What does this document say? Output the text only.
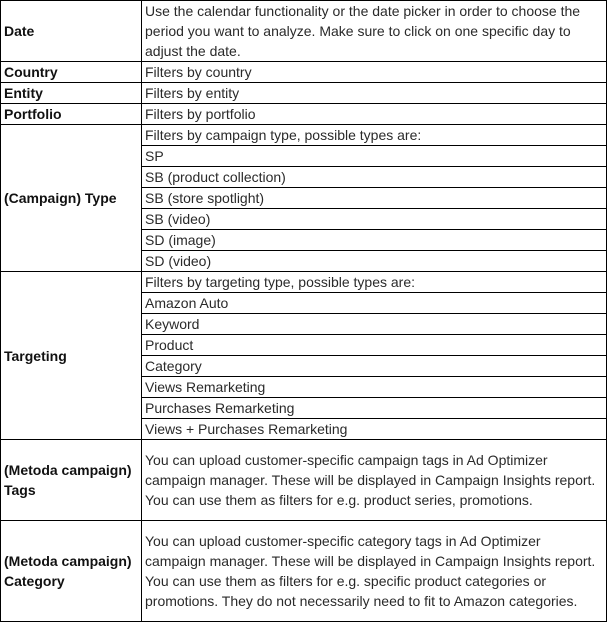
Date	Use the calendar functionality or the date picker in order to choose the period you want to analyze. Make sure to click on one specific day to adjust the date.
Country	Filters by country
Entity	Filters by entity
Portfolio	Filters by portfolio
(Campaign) Type	Filters by campaign type, possible types are:
	SP
	SB (product collection)
	SB (store spotlight)
	SB (video)
	SD (image)
	SD (video)
Targeting	Filters by targeting type, possible types are:
	Amazon Auto
	Keyword
	Product
	Category
	Views Remarketing
	Purchases Remarketing
	Views + Purchases Remarketing
(Metoda campaign) Tags	You can upload customer-specific campaign tags in Ad Optimizer campaign manager. These will be displayed in Campaign Insights report. You can use them as filters for e.g. product series, promotions.
(Metoda campaign) Category	You can upload customer-specific category tags in Ad Optimizer campaign manager. These will be displayed in Campaign Insights report. You can use them as filters for e.g. specific product categories or promotions. They do not necessarily need to fit to Amazon categories.
